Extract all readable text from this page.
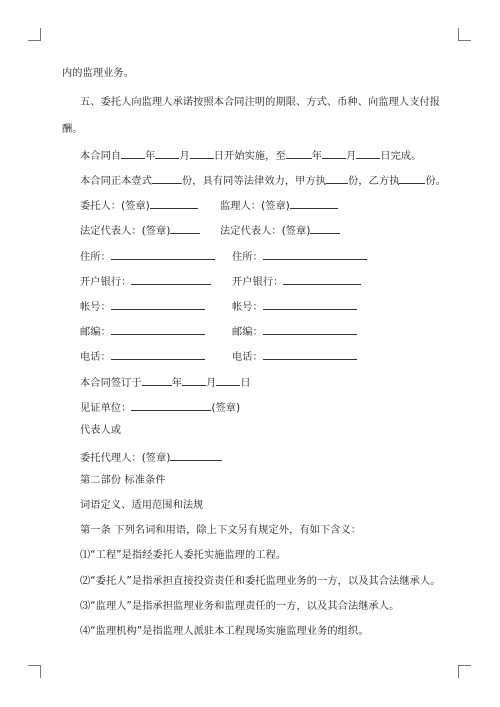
内的监理业务。
五、委托人向监理人承诺按照本合同注明的期限、方式、币种、向监理人支付报
酬。
本合同自 年 月 日开始实施，至	年 月 日完成。
本合同正本壹式	份，具有同等法律效力，甲方执 份，乙方执	份。
委托人：(签章)	监理人：(签章)
法定代表人：(签章)	法定代表人：(签章)
住所：	住所：
开户银行：	开户银行：
帐号：	帐号：
邮编：	邮编：
电话：	电话：
本合同签订于	年 月 日
见证单位：	(签章)
代表人或
委托代理人：(签章)
第二部份 标准条件
词语定义、适用范围和法规
第一条 下列名词和用语，除上下文另有规定外，有如下含义：
⑴“工程”是指经委托人委托实施监理的工程。
⑵“委托人”是指承担直接投资责任和委托监理业务的一方，以及其合法继承人。
⑶“监理人”是指承担监理业务和监理责任的一方，以及其合法继承人。
⑷“监理机构”是指监理人派驻本工程现场实施监理业务的组织。
